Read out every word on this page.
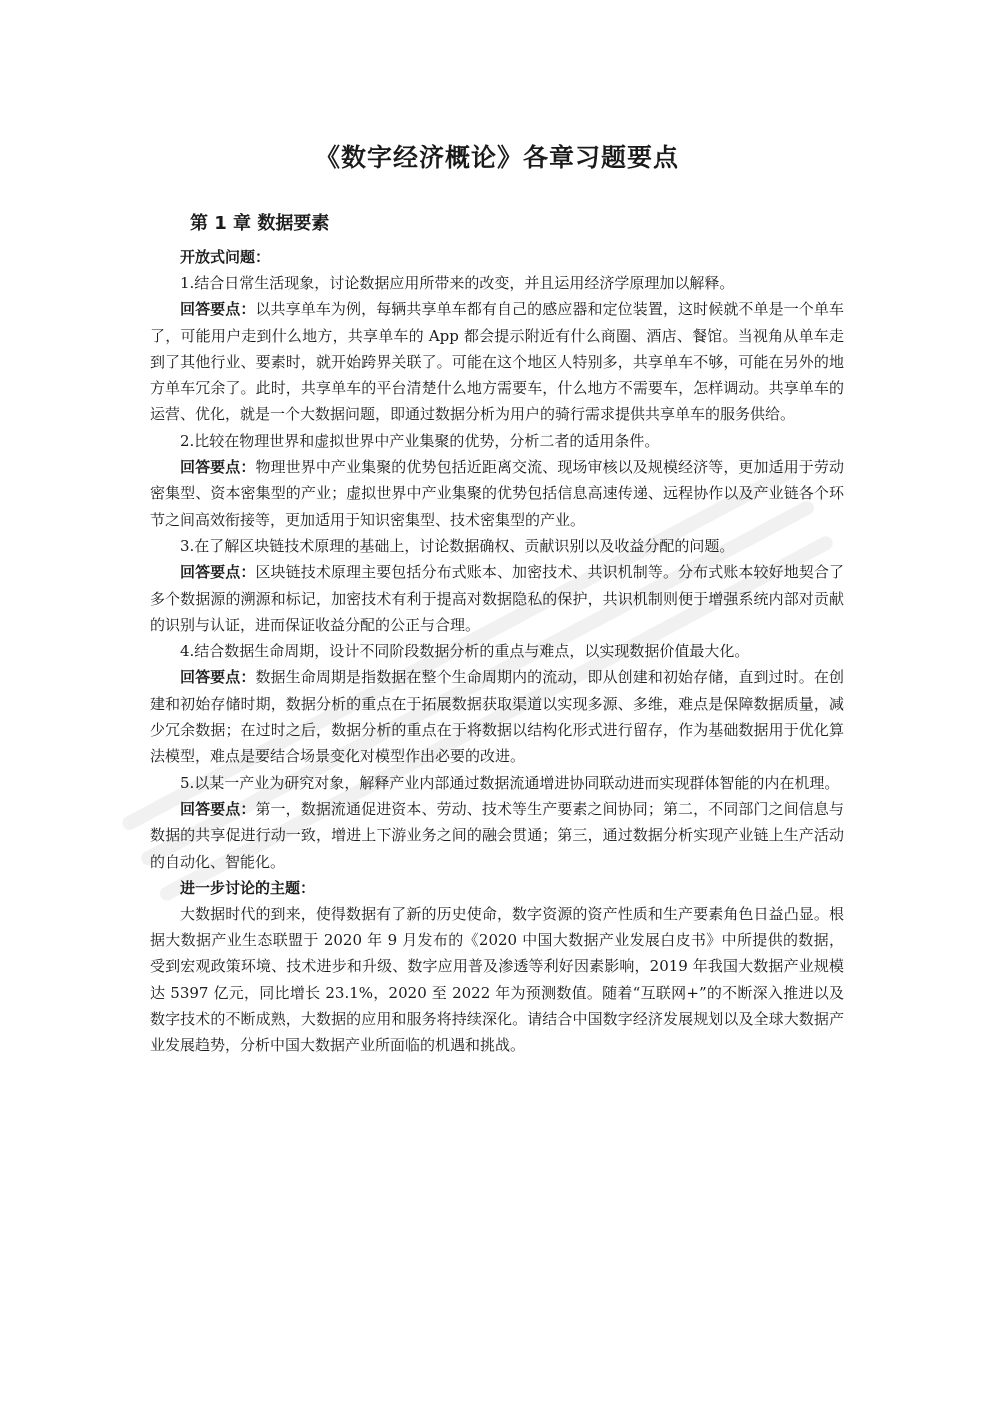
《数字经济概论》各章习题要点
第 1 章 数据要素

开放式问题：

1.结合日常生活现象，讨论数据应用所带来的改变，并且运用经济学原理加以解释。

回答要点：以共享单车为例，每辆共享单车都有自己的感应器和定位装置，这时候就不单是一个单车了，可能用户走到什么地方，共享单车的 App 都会提示附近有什么商圈、酒店、餐馆。当视角从单车走到了其他行业、要素时，就开始跨界关联了。可能在这个地区人特别多，共享单车不够，可能在另外的地方单车冗余了。此时，共享单车的平台清楚什么地方需要车，什么地方不需要车，怎样调动。共享单车的运营、优化，就是一个大数据问题，即通过数据分析为用户的骑行需求提供共享单车的服务供给。

2.比较在物理世界和虚拟世界中产业集聚的优势，分析二者的适用条件。

回答要点：物理世界中产业集聚的优势包括近距离交流、现场审核以及规模经济等，更加适用于劳动密集型、资本密集型的产业；虚拟世界中产业集聚的优势包括信息高速传递、远程协作以及产业链各个环节之间高效衔接等，更加适用于知识密集型、技术密集型的产业。

3.在了解区块链技术原理的基础上，讨论数据确权、贡献识别以及收益分配的问题。

回答要点：区块链技术原理主要包括分布式账本、加密技术、共识机制等。分布式账本较好地契合了多个数据源的溯源和标记，加密技术有利于提高对数据隐私的保护，共识机制则便于增强系统内部对贡献的识别与认证，进而保证收益分配的公正与合理。

4.结合数据生命周期，设计不同阶段数据分析的重点与难点，以实现数据价值最大化。

回答要点：数据生命周期是指数据在整个生命周期内的流动，即从创建和初始存储，直到过时。在创建和初始存储时期，数据分析的重点在于拓展数据获取渠道以实现多源、多维，难点是保障数据质量，减少冗余数据；在过时之后，数据分析的重点在于将数据以结构化形式进行留存，作为基础数据用于优化算法模型，难点是要结合场景变化对模型作出必要的改进。

5.以某一产业为研究对象，解释产业内部通过数据流通增进协同联动进而实现群体智能的内在机理。

回答要点：第一，数据流通促进资本、劳动、技术等生产要素之间协同；第二，不同部门之间信息与数据的共享促进行动一致，增进上下游业务之间的融会贯通；第三，通过数据分析实现产业链上生产活动的自动化、智能化。

进一步讨论的主题：

大数据时代的到来，使得数据有了新的历史使命，数字资源的资产性质和生产要素角色日益凸显。根据大数据产业生态联盟于 2020 年 9 月发布的《2020 中国大数据产业发展白皮书》中所提供的数据，受到宏观政策环境、技术进步和升级、数字应用普及渗透等利好因素影响，2019 年我国大数据产业规模达 5397 亿元，同比增长 23.1%，2020 至 2022 年为预测数值。随着“互联网+”的不断深入推进以及数字技术的不断成熟，大数据的应用和服务将持续深化。请结合中国数字经济发展规划以及全球大数据产业发展趋势，分析中国大数据产业所面临的机遇和挑战。
